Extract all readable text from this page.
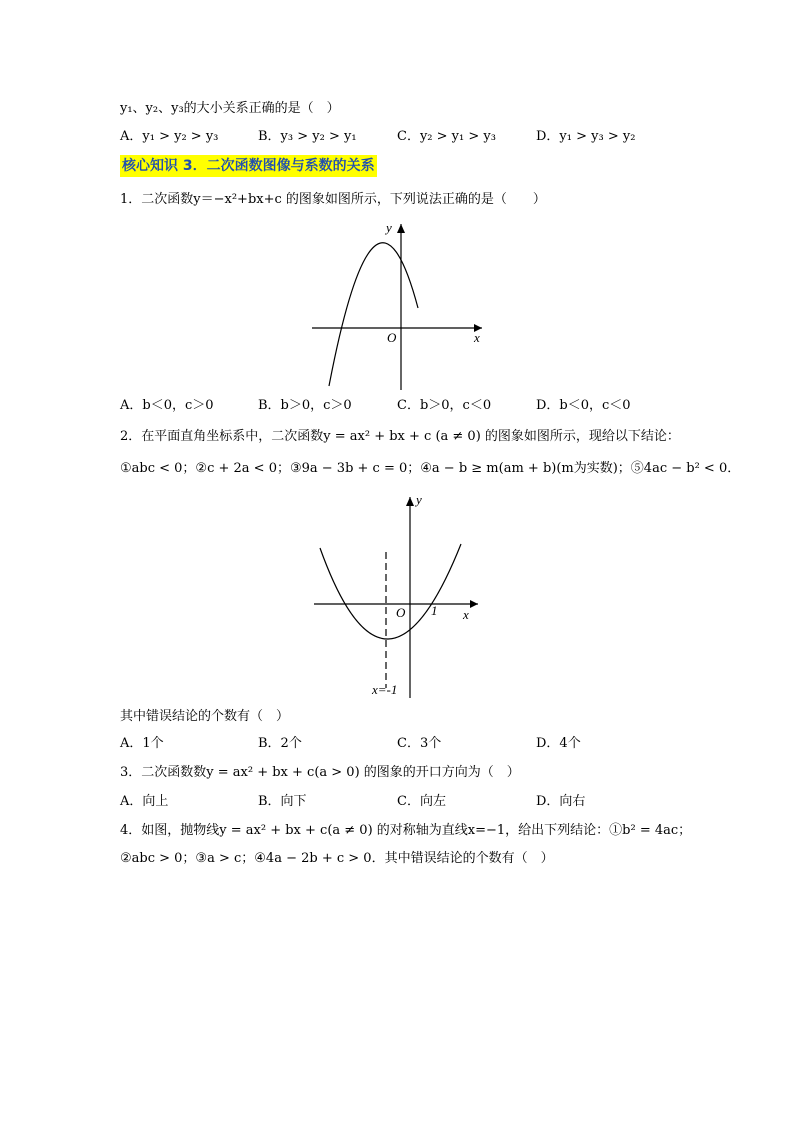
y₁、y₂、y₃的大小关系正确的是（　）
A．y₁ > y₂ > y₃	B．y₃ > y₂ > y₁	C．y₂ > y₁ > y₃	D．y₁ > y₃ > y₂
核心知识 3．二次函数图像与系数的关系
1．二次函数y＝−x²+bx+c 的图象如图所示，下列说法正确的是（　　）
y
x
O
A．b＜0，c＞0	B．b＞0，c＞0	C．b＞0，c＜0	D．b＜0，c＜0
2．在平面直角坐标系中，二次函数y = ax² + bx + c (a ≠ 0) 的图象如图所示，现给以下结论：
①abc < 0；②c + 2a < 0；③9a − 3b + c = 0；④a − b ≥ m(am + b)(m为实数)；⑤4ac − b² < 0．
y
x
O 1
x=-1
其中错误结论的个数有（　）
A．1个	B．2个	C．3个	D．4个
3．二次函数数y = ax² + bx + c(a > 0) 的图象的开口方向为（　）
A．向上	B．向下	C．向左	D．向右
4．如图，抛物线y = ax² + bx + c(a ≠ 0) 的对称轴为直线x=−1，给出下列结论：①b² = 4ac；
②abc > 0；③a > c；④4a − 2b + c > 0．其中错误结论的个数有（　）
